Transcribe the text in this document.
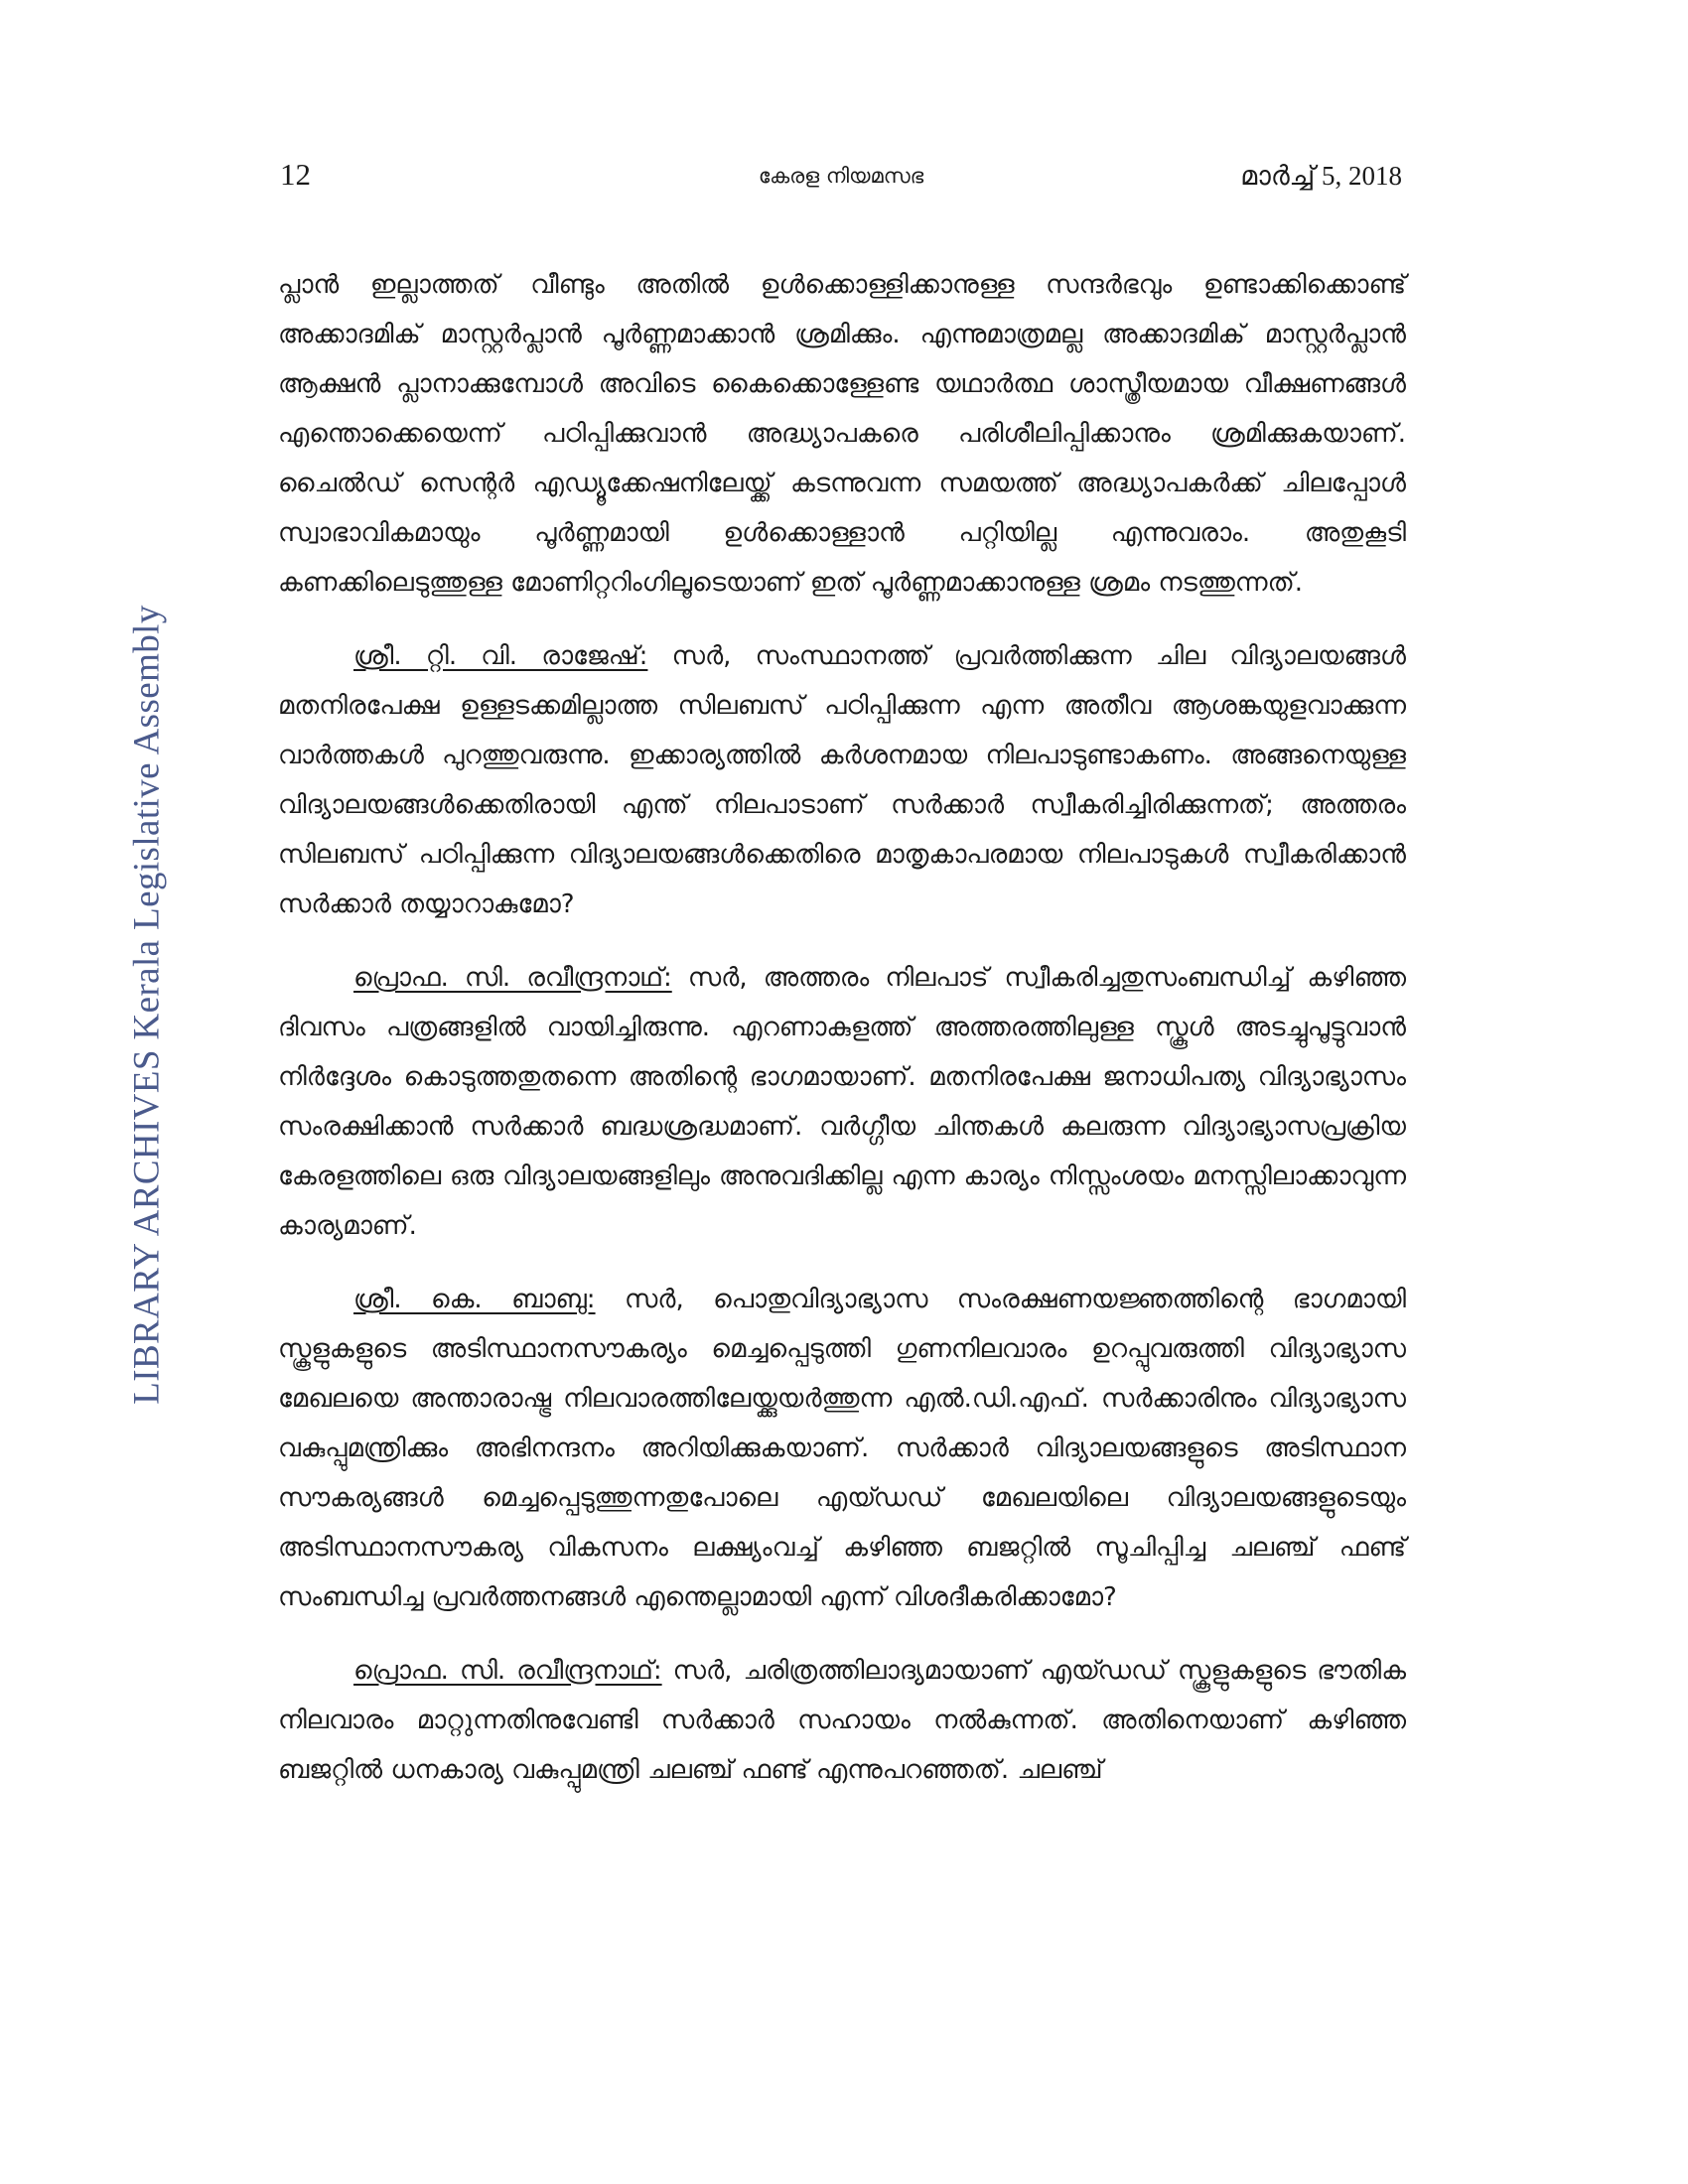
12	കേരള നിയമസഭ	മാർച്ച് 5, 2018
LIBRARY ARCHIVES Kerala Legislative Assembly

പ്ലാൻ ഇല്ലാത്തത് വീണ്ടും അതിൽ ഉൾക്കൊള്ളിക്കാനുള്ള സന്ദർഭവും ഉണ്ടാക്കിക്കൊണ്ട് അക്കാദമിക് മാസ്റ്റർപ്ലാൻ പൂർണ്ണമാക്കാൻ ശ്രമിക്കും. എന്നുമാത്രമല്ല അക്കാദമിക് മാസ്റ്റർപ്ലാൻ ആക്ഷൻ പ്ലാനാക്കുമ്പോൾ അവിടെ കൈക്കൊള്ളേണ്ട യഥാർത്ഥ ശാസ്ത്രീയമായ വീക്ഷണങ്ങൾ എന്തൊക്കെയെന്ന് പഠിപ്പിക്കുവാൻ അദ്ധ്യാപകരെ പരിശീലിപ്പിക്കാനും ശ്രമിക്കുകയാണ്. ചൈൽഡ് സെന്റർ എഡ്യൂക്കേഷനിലേയ്ക്ക് കടന്നുവന്ന സമയത്ത് അദ്ധ്യാപകർക്ക് ചിലപ്പോൾ സ്വാഭാവികമായും പൂർണ്ണമായി ഉൾക്കൊള്ളാൻ പറ്റിയില്ല എന്നുവരാം. അതുകൂടി കണക്കിലെടുത്തുള്ള മോണിറ്ററിംഗിലൂടെയാണ് ഇത് പൂർണ്ണമാക്കാനുള്ള ശ്രമം നടത്തുന്നത്.

ശ്രീ. റ്റി. വി. രാജേഷ്: സർ, സംസ്ഥാനത്ത് പ്രവർത്തിക്കുന്ന ചില വിദ്യാലയങ്ങൾ മതനിരപേക്ഷ ഉള്ളടക്കമില്ലാത്ത സിലബസ് പഠിപ്പിക്കുന്ന എന്ന അതീവ ആശങ്കയുളവാക്കുന്ന വാർത്തകൾ പുറത്തുവരുന്നു. ഇക്കാര്യത്തിൽ കർശനമായ നിലപാടുണ്ടാകണം. അങ്ങനെയുള്ള വിദ്യാലയങ്ങൾക്കെതിരായി എന്ത് നിലപാടാണ് സർക്കാർ സ്വീകരിച്ചിരിക്കുന്നത്; അത്തരം സിലബസ് പഠിപ്പിക്കുന്ന വിദ്യാലയങ്ങൾക്കെതിരെ മാതൃകാപരമായ നിലപാടുകൾ സ്വീകരിക്കാൻ സർക്കാർ തയ്യാറാകുമോ?

പ്രൊഫ. സി. രവീന്ദ്രനാഥ്: സർ, അത്തരം നിലപാട് സ്വീകരിച്ചതുസംബന്ധിച്ച് കഴിഞ്ഞ ദിവസം പത്രങ്ങളിൽ വായിച്ചിരുന്നു. എറണാകുളത്ത് അത്തരത്തിലുള്ള സ്കൂൾ അടച്ചുപൂട്ടുവാൻ നിർദ്ദേശം കൊടുത്തതുതന്നെ അതിന്റെ ഭാഗമായാണ്. മതനിരപേക്ഷ ജനാധിപത്യ വിദ്യാഭ്യാസം സംരക്ഷിക്കാൻ സർക്കാർ ബദ്ധശ്രദ്ധമാണ്. വർഗ്ഗീയ ചിന്തകൾ കലരുന്ന വിദ്യാഭ്യാസപ്രക്രിയ കേരളത്തിലെ ഒരു വിദ്യാലയങ്ങളിലും അനുവദിക്കില്ല എന്ന കാര്യം നിസ്സംശയം മനസ്സിലാക്കാവുന്ന കാര്യമാണ്.

ശ്രീ. കെ. ബാബു: സർ, പൊതുവിദ്യാഭ്യാസ സംരക്ഷണയജ്ഞത്തിന്റെ ഭാഗമായി സ്കൂളുകളുടെ അടിസ്ഥാനസൗകര്യം മെച്ചപ്പെടുത്തി ഗുണനിലവാരം ഉറപ്പുവരുത്തി വിദ്യാഭ്യാസ മേഖലയെ അന്താരാഷ്ട്ര നിലവാരത്തിലേയ്ക്കുയർത്തുന്ന എൽ.ഡി.എഫ്. സർക്കാരിനും വിദ്യാഭ്യാസ വകുപ്പുമന്ത്രിക്കും അഭിനന്ദനം അറിയിക്കുകയാണ്. സർക്കാർ വിദ്യാലയങ്ങളുടെ അടിസ്ഥാന സൗകര്യങ്ങൾ മെച്ചപ്പെടുത്തുന്നതുപോലെ എയ്ഡഡ് മേഖലയിലെ വിദ്യാലയങ്ങളുടെയും അടിസ്ഥാനസൗകര്യ വികസനം ലക്ഷ്യംവച്ച് കഴിഞ്ഞ ബജറ്റിൽ സൂചിപ്പിച്ച ചലഞ്ച് ഫണ്ട് സംബന്ധിച്ച പ്രവർത്തനങ്ങൾ എന്തെല്ലാമായി എന്ന് വിശദീകരിക്കാമോ?

പ്രൊഫ. സി. രവീന്ദ്രനാഥ്: സർ, ചരിത്രത്തിലാദ്യമായാണ് എയ്ഡഡ് സ്കൂളുകളുടെ ഭൗതിക നിലവാരം മാറ്റുന്നതിനുവേണ്ടി സർക്കാർ സഹായം നൽകുന്നത്. അതിനെയാണ് കഴിഞ്ഞ ബജറ്റിൽ ധനകാര്യ വകുപ്പുമന്ത്രി ചലഞ്ച് ഫണ്ട് എന്നുപറഞ്ഞത്. ചലഞ്ച്
